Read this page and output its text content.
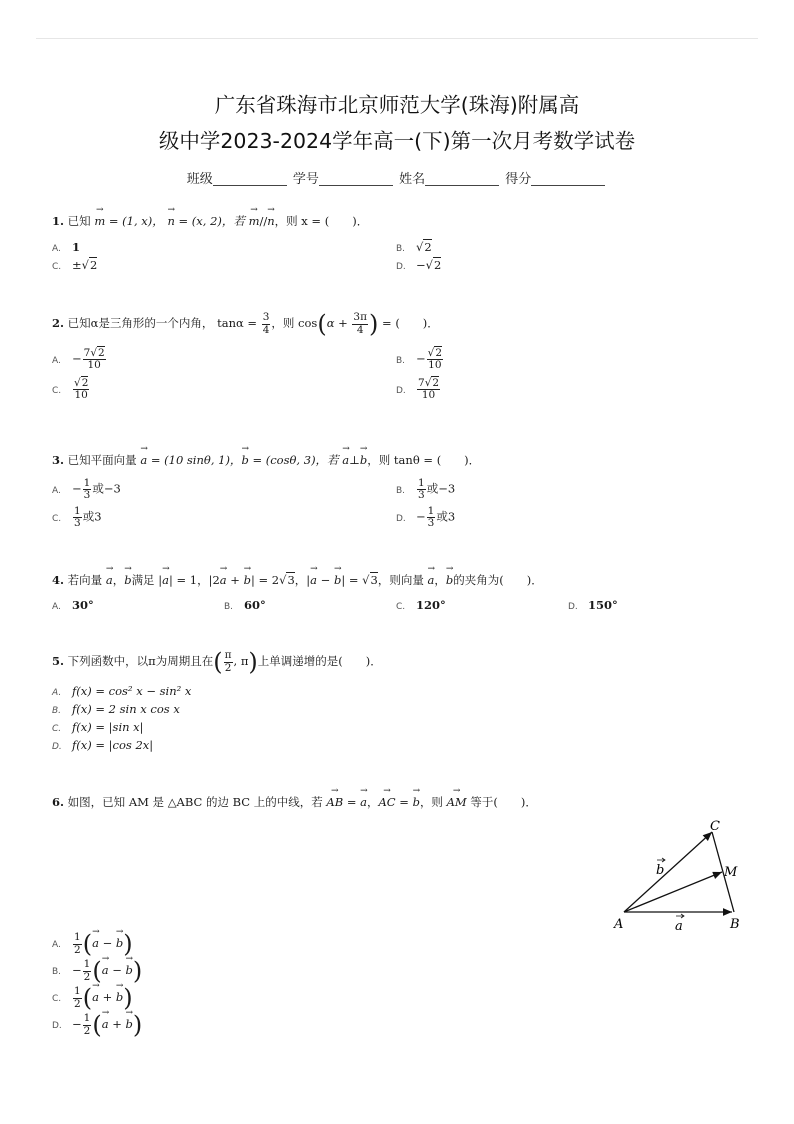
广东省珠海市北京师范大学(珠海)附属高
级中学2023-2024学年高一(下)第一次月考数学试卷
班级	学号	姓名	得分
1. 已知 → m = (1, x)， → n = (x, 2)，若 → m//→ n，则 x = (　　)．
A. 1	B. √2
C. ±√2	D. −√2
2. 已知α是三角形的一个内角， $\tan\alpha = \frac{3}{4}$ ，则 $\cos(\alpha + \frac{3\pi}{4}$ ) = (　　)．
A. − $\frac{7√2}{10}$	B. − $\frac{√2}{10}$
C. $\frac{√2}{10}$	D. $\frac{7√2}{10}$
3. 已知平面向量 → a = (10 sinθ, 1)，→ b = (cosθ, 3)，若 → a⊥→ b，则 tanθ = (　　)．
A. − $\frac{1}{3}$ 或−3	B. $\frac{1}{3}$ 或−3
C. $\frac{1}{3}$ 或3	D. − $\frac{1}{3}$ 或3
4. 若向量 → a，→ b满足 |→ a| = 1，|2→ a + → b| = 2√3，|→ a − → b| = √3，则向量 → a，→ b的夹角为(　　)．
A. 30°	B. 60°	C. 120°	D. 150°
5. 下列函数中，以π为周期且在( $\frac{\pi}{2}$ , π)上单调递增的是(　　)．
A. f(x) = cos² x − sin² x
B. f(x) = 2 sin x cos x
C. f(x) = |sin x|
D. f(x) = |cos 2x|
6. 如图，已知 AM 是 △ABC 的边 BC 上的中线，若 → AB = → a，→ AC = → b，则 → AM 等于(　　)．
A	B
C
M
a
b
A. $\frac{1}{2}$ (→ a − → b)
B. − $\frac{1}{2}$ (→ a − → b)
C. $\frac{1}{2}$ (→ a + → b)
D. − $\frac{1}{2}$ (→ a + → b)
